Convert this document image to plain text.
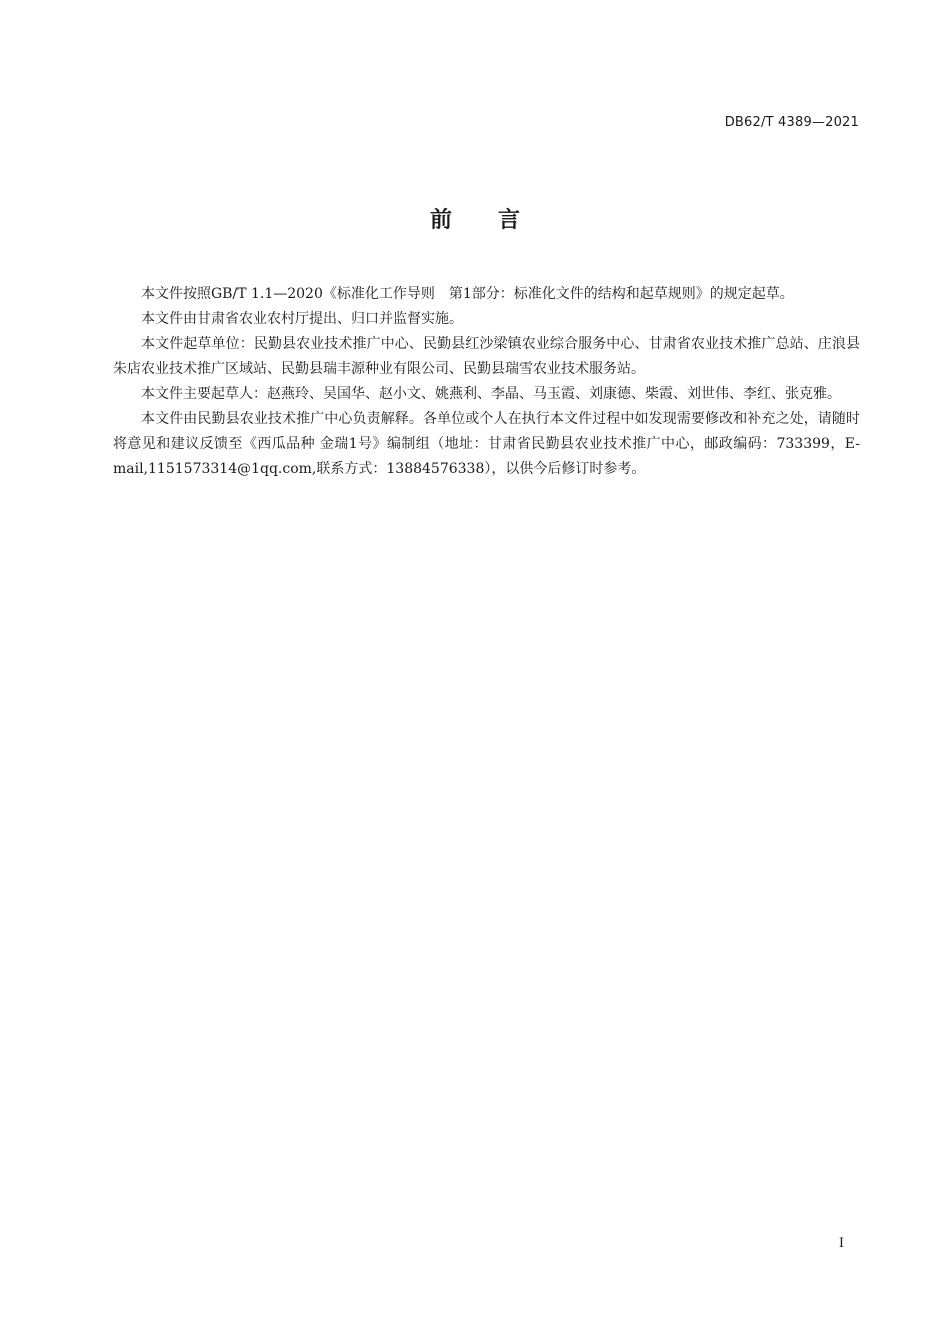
DB62/T 4389—2021
前言

本文件按照GB/T 1.1—2020《标准化工作导则　第1部分：标准化文件的结构和起草规则》的规定起草。

本文件由甘肃省农业农村厅提出、归口并监督实施。

本文件起草单位：民勤县农业技术推广中心、民勤县红沙梁镇农业综合服务中心、甘肃省农业技术推广总站、庄浪县朱店农业技术推广区域站、民勤县瑞丰源种业有限公司、民勤县瑞雪农业技术服务站。

本文件主要起草人：赵燕玲、吴国华、赵小文、姚燕利、李晶、马玉霞、刘康德、柴霞、刘世伟、李红、张克雅。

本文件由民勤县农业技术推广中心负责解释。各单位或个人在执行本文件过程中如发现需要修改和补充之处，请随时将意见和建议反馈至《西瓜品种 金瑞1号》编制组（地址：甘肃省民勤县农业技术推广中心，邮政编码：733399，E-mail,1151573314@1qq.com,联系方式：13884576338），以供今后修订时参考。

I
